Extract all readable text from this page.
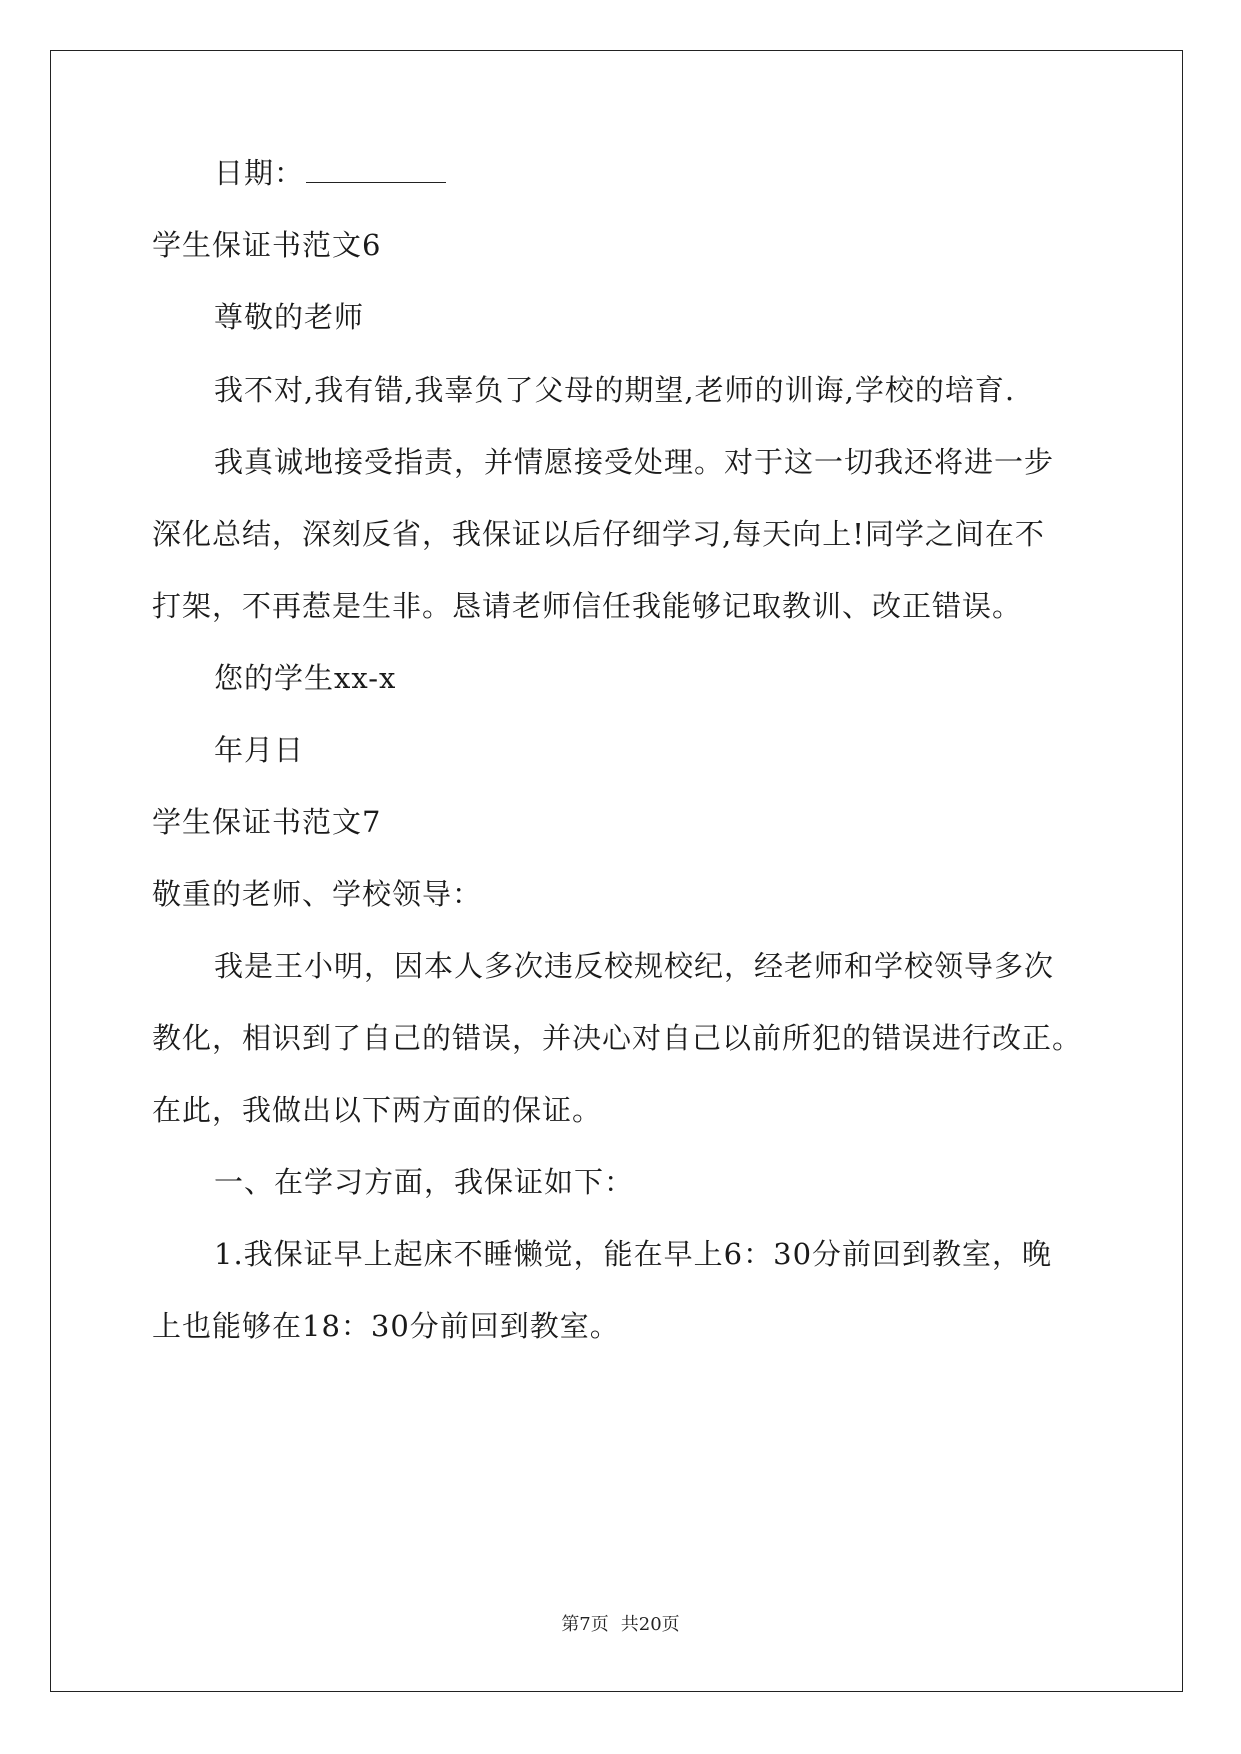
日期：
学生保证书范文6
尊敬的老师
我不对,我有错,我辜负了父母的期望,老师的训诲,学校的培育.
我真诚地接受指责，并情愿接受处理。对于这一切我还将进一步
深化总结，深刻反省，我保证以后仔细学习,每天向上!同学之间在不
打架，不再惹是生非。恳请老师信任我能够记取教训、改正错误。
您的学生xx-x
年月日
学生保证书范文7
敬重的老师、学校领导：
我是王小明，因本人多次违反校规校纪，经老师和学校领导多次
教化，相识到了自己的错误，并决心对自己以前所犯的错误进行改正。
在此，我做出以下两方面的保证。
一、在学习方面，我保证如下：
1.我保证早上起床不睡懒觉，能在早上6：30分前回到教室，晚
上也能够在18：30分前回到教室。
第7页 共20页
